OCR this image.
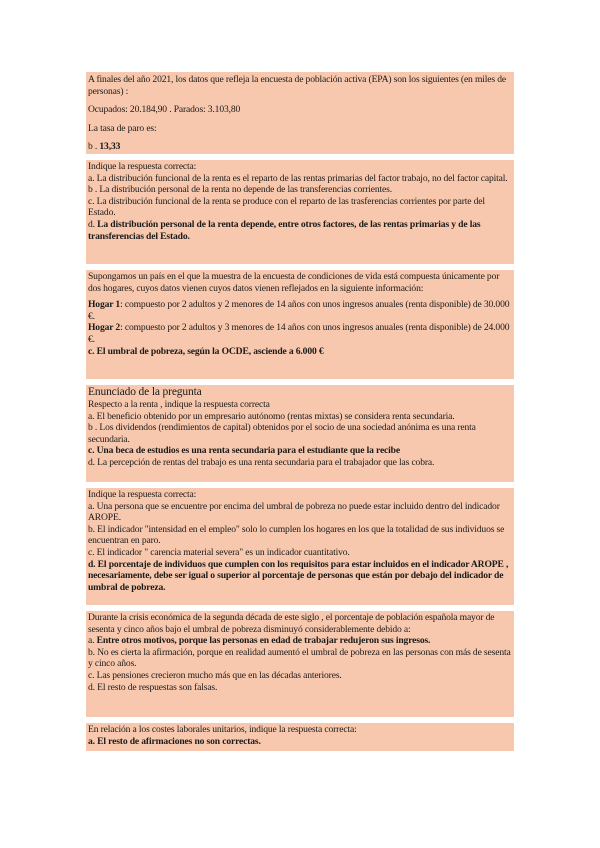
A finales del año 2021, los datos que refleja la encuesta de población activa (EPA) son los siguientes (en miles de personas) :

Ocupados: 20.184,90 . Parados: 3.103,80

La tasa de paro es:

b . 13,33

Indique la respuesta correcta:

a. La distribución funcional de la renta es el reparto de las rentas primarias del factor trabajo, no del factor capital.

b . La distribución personal de la renta no depende de las transferencias corrientes.

c. La distribución funcional de la renta se produce con el reparto de las trasferencias corrientes por parte del Estado.

d. La distribución personal de la renta depende, entre otros factores, de las rentas primarias y de las transferencias del Estado.

Supongamos un país en el que la muestra de la encuesta de condiciones de vida está compuesta únicamente por dos hogares, cuyos datos vienen cuyos datos vienen reflejados en la siguiente información:

Hogar 1: compuesto por 2 adultos y 2 menores de 14 años con unos ingresos anuales (renta disponible) de 30.000 €.

Hogar 2: compuesto por 2 adultos y 3 menores de 14 años con unos ingresos anuales (renta disponible) de 24.000 €.

c. El umbral de pobreza, según la OCDE, asciende a 6.000 €

Enunciado de la pregunta

Respecto a la renta , indique la respuesta correcta

a. El beneficio obtenido por un empresario autónomo (rentas mixtas) se considera renta secundaria.

b . Los dividendos (rendimientos de capital) obtenidos por el socio de una sociedad anónima es una renta secundaria.

c. Una beca de estudios es una renta secundaria para el estudiante que la recibe

d. La percepción de rentas del trabajo es una renta secundaria para el trabajador que las cobra.

Indique la respuesta correcta:

a. Una persona que se encuentre por encima del umbral de pobreza no puede estar incluido dentro del indicador AROPE.

b. El indicador "intensidad en el empleo" solo lo cumplen los hogares en los que la totalidad de sus individuos se encuentran en paro.

c. El indicador " carencia material severa" es un indicador cuantitativo.

d. El porcentaje de individuos que cumplen con los requisitos para estar incluidos en el indicador AROPE , necesariamente, debe ser igual o superior al porcentaje de personas que están por debajo del indicador de umbral de pobreza.

Durante la crisis económica de la segunda década de este siglo , el porcentaje de población española mayor de sesenta y cinco años bajo el umbral de pobreza disminuyó considerablemente debido a:

a. Entre otros motivos, porque las personas en edad de trabajar redujeron sus ingresos.

b. No es cierta la afirmación, porque en realidad aumentó el umbral de pobreza en las personas con más de sesenta y cinco años.

c. Las pensiones crecieron mucho más que en las décadas anteriores.

d. El resto de respuestas son falsas.

En relación a los costes laborales unitarios, indique la respuesta correcta:

a. El resto de afirmaciones no son correctas.
